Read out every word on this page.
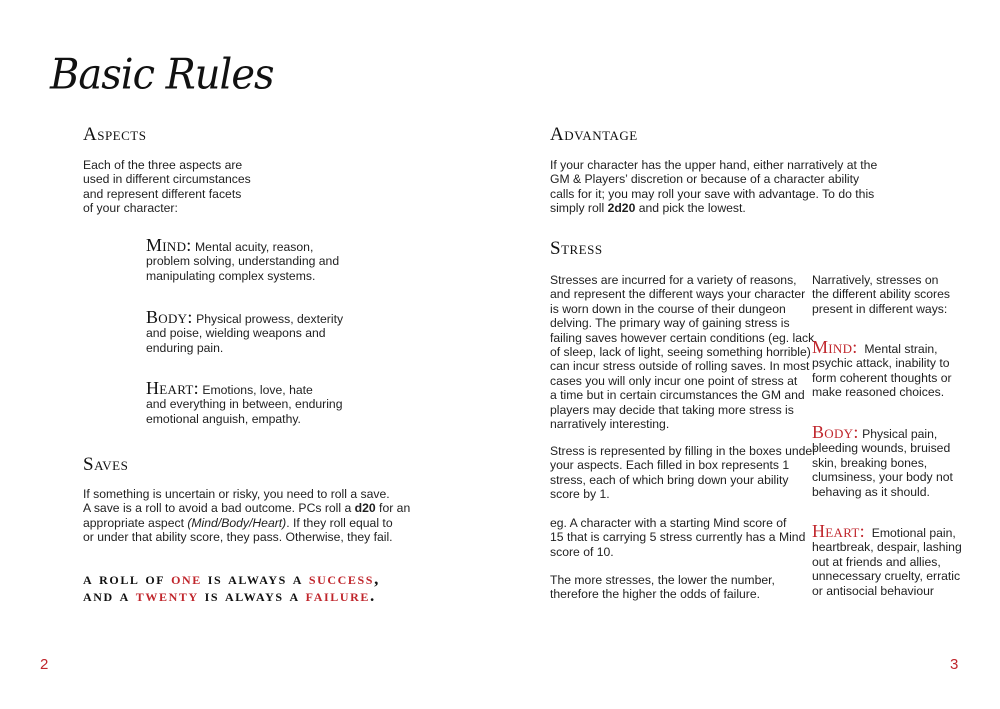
Basic Rules
Aspects
Each of the three aspects are
used in different circumstances
and represent different facets
of your character:
Mind: Mental acuity, reason,
problem solving, understanding and
manipulating complex systems.
Body: Physical prowess, dexterity
and poise, wielding weapons and
enduring pain.
Heart: Emotions, love, hate
and everything in between, enduring
emotional anguish, empathy.
Saves
If something is uncertain or risky, you need to roll a save.
A save is a roll to avoid a bad outcome. PCs roll a d20 for an
appropriate aspect (Mind/Body/Heart). If they roll equal to
or under that ability score, they pass. Otherwise, they fail.
a roll of one is always a success,
and a twenty is always a failure.
2
Advantage
If your character has the upper hand, either narratively at the
GM & Players’ discretion or because of a character ability
calls for it; you may roll your save with advantage. To do this
simply roll 2d20 and pick the lowest.
Stress
Stresses are incurred for a variety of reasons,
and represent the different ways your character
is worn down in the course of their dungeon
delving. The primary way of gaining stress is
failing saves however certain conditions (eg. lack
of sleep, lack of light, seeing something horrible)
can incur stress outside of rolling saves. In most
cases you will only incur one point of stress at
a time but in certain circumstances the GM and
players may decide that taking more stress is
narratively interesting.
Stress is represented by filling in the boxes under
your aspects. Each filled in box represents 1
stress, each of which bring down your ability
score by 1.
eg. A character with a starting Mind score of
15 that is carrying 5 stress currently has a Mind
score of 10.
The more stresses, the lower the number,
therefore the higher the odds of failure.
Narratively, stresses on
the different ability scores
present in different ways:
Mind: Mental strain,
psychic attack, inability to
form coherent thoughts or
make reasoned choices.
Body: Physical pain,
bleeding wounds, bruised
skin, breaking bones,
clumsiness, your body not
behaving as it should.
Heart: Emotional pain,
heartbreak, despair, lashing
out at friends and allies,
unnecessary cruelty, erratic
or antisocial behaviour
3
